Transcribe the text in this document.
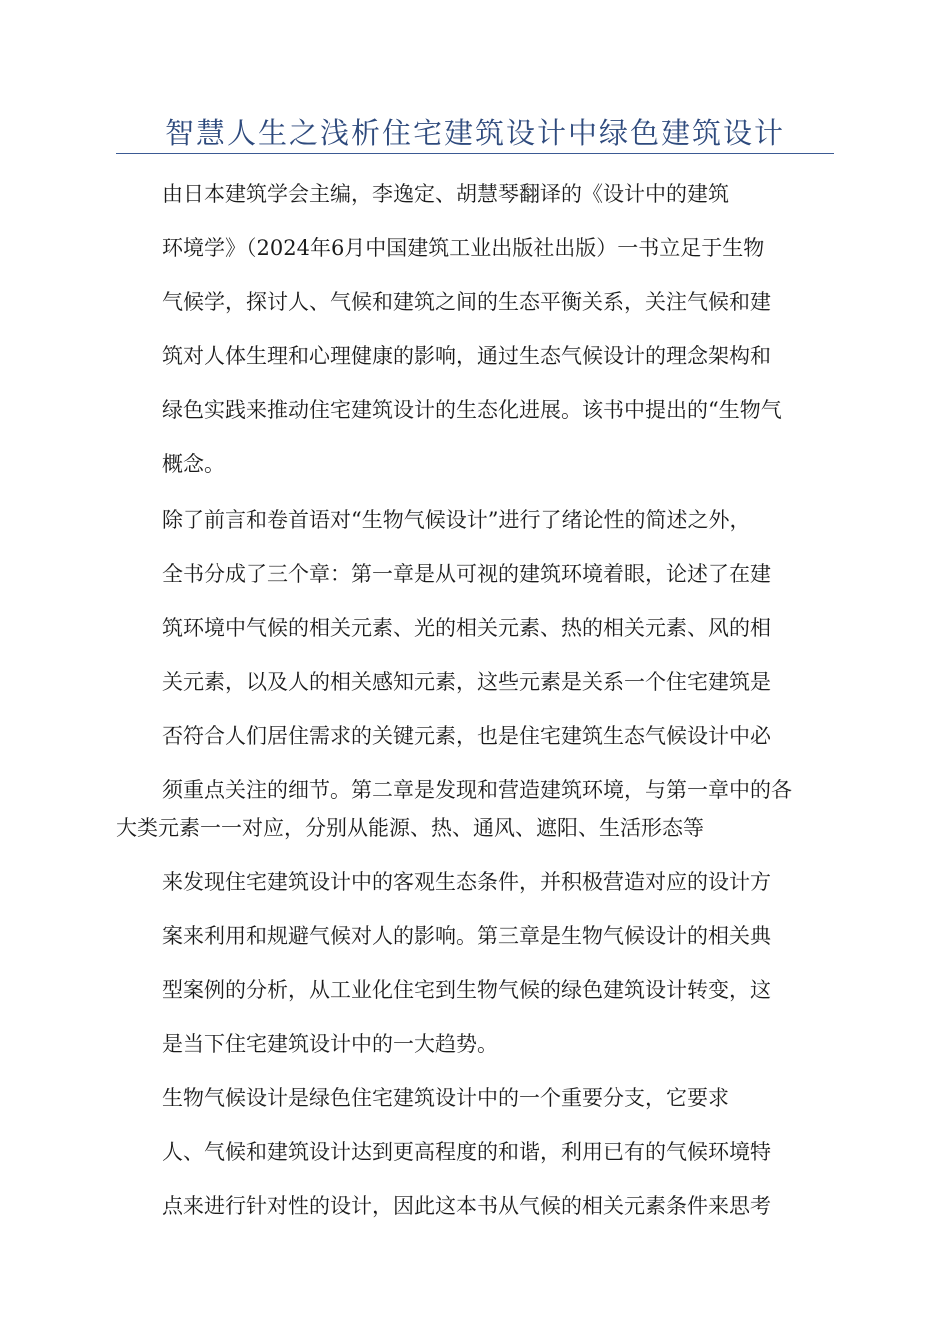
智慧人生之浅析住宅建筑设计中绿色建筑设计
由日本建筑学会主编，李逸定、胡慧琴翻译的《设计中的建筑
环境学》（2024年6月中国建筑工业出版社出版）一书立足于生物
气候学，探讨人、气候和建筑之间的生态平衡关系，关注气候和建
筑对人体生理和心理健康的影响，通过生态气候设计的理念架构和
绿色实践来推动住宅建筑设计的生态化进展。该书中提出的“生物气
概念。
除了前言和卷首语对“生物气候设计”进行了绪论性的简述之外，
全书分成了三个章：第一章是从可视的建筑环境着眼，论述了在建
筑环境中气候的相关元素、光的相关元素、热的相关元素、风的相
关元素，以及人的相关感知元素，这些元素是关系一个住宅建筑是
否符合人们居住需求的关键元素，也是住宅建筑生态气候设计中必
须重点关注的细节。第二章是发现和营造建筑环境，与第一章中的各
大类元素一一对应，分别从能源、热、通风、遮阳、生活形态等
来发现住宅建筑设计中的客观生态条件，并积极营造对应的设计方
案来利用和规避气候对人的影响。第三章是生物气候设计的相关典
型案例的分析，从工业化住宅到生物气候的绿色建筑设计转变，这
是当下住宅建筑设计中的一大趋势。
生物气候设计是绿色住宅建筑设计中的一个重要分支，它要求
人、气候和建筑设计达到更高程度的和谐，利用已有的气候环境特
点来进行针对性的设计，因此这本书从气候的相关元素条件来思考
